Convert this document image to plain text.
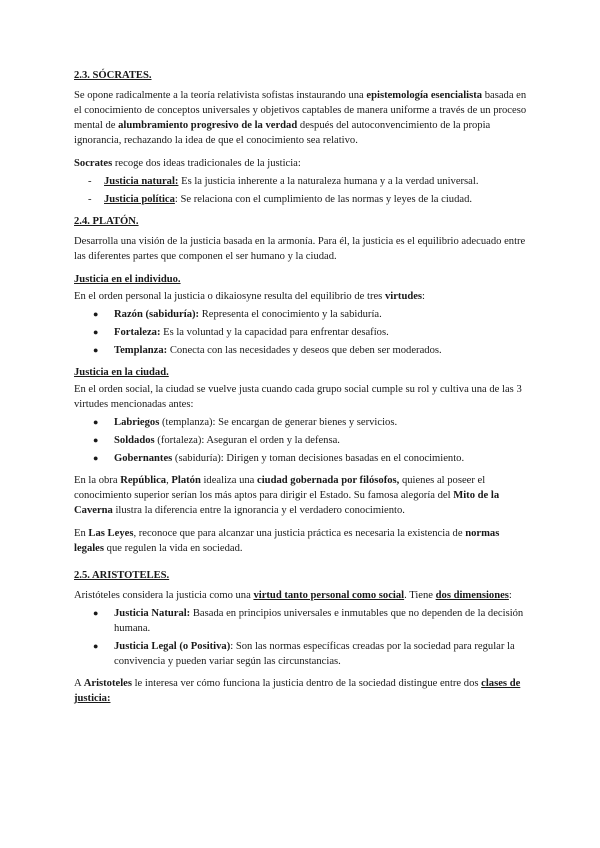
2.3. SÓCRATES.

Se opone radicalmente a la teoría relativista sofistas instaurando una epistemología esencialista basada en el conocimiento de conceptos universales y objetivos captables de manera uniforme a través de un proceso mental de alumbramiento progresivo de la verdad después del autoconvencimiento de la propia ignorancia, rechazando la idea de que el conocimiento sea relativo.

Socrates recoge dos ideas tradicionales de la justicia:

- Justicia natural: Es la justicia inherente a la naturaleza humana y a la verdad universal.
- Justicia política: Se relaciona con el cumplimiento de las normas y leyes de la ciudad.
2.4. PLATÓN.

Desarrolla una visión de la justicia basada en la armonía. Para él, la justicia es el equilibrio adecuado entre las diferentes partes que componen el ser humano y la ciudad.

Justicia en el individuo.

En el orden personal la justicia o dikaiosyne resulta del equilibrio de tres virtudes:

● Razón (sabiduría): Representa el conocimiento y la sabiduría.
● Fortaleza: Es la voluntad y la capacidad para enfrentar desafíos.
● Templanza: Conecta con las necesidades y deseos que deben ser moderados.
Justicia en la ciudad.

En el orden social, la ciudad se vuelve justa cuando cada grupo social cumple su rol y cultiva una de las 3 virtudes mencionadas antes:

● Labriegos (templanza): Se encargan de generar bienes y servicios.
● Soldados (fortaleza): Aseguran el orden y la defensa.
● Gobernantes (sabiduría): Dirigen y toman decisiones basadas en el conocimiento.

En la obra República, Platón idealiza una ciudad gobernada por filósofos, quienes al poseer el conocimiento superior serían los más aptos para dirigir el Estado. Su famosa alegoría del Mito de la Caverna ilustra la diferencia entre la ignorancia y el verdadero conocimiento.

En Las Leyes, reconoce que para alcanzar una justicia práctica es necesaria la existencia de normas legales que regulen la vida en sociedad.

2.5. ARISTOTELES.

Aristóteles considera la justicia como una virtud tanto personal como social. Tiene dos dimensiones:

● Justicia Natural: Basada en principios universales e inmutables que no dependen de la decisión humana.
● Justicia Legal (o Positiva): Son las normas específicas creadas por la sociedad para regular la convivencia y pueden variar según las circunstancias.

A Aristoteles le interesa ver cómo funciona la justicia dentro de la sociedad distingue entre dos clases de justicia:
